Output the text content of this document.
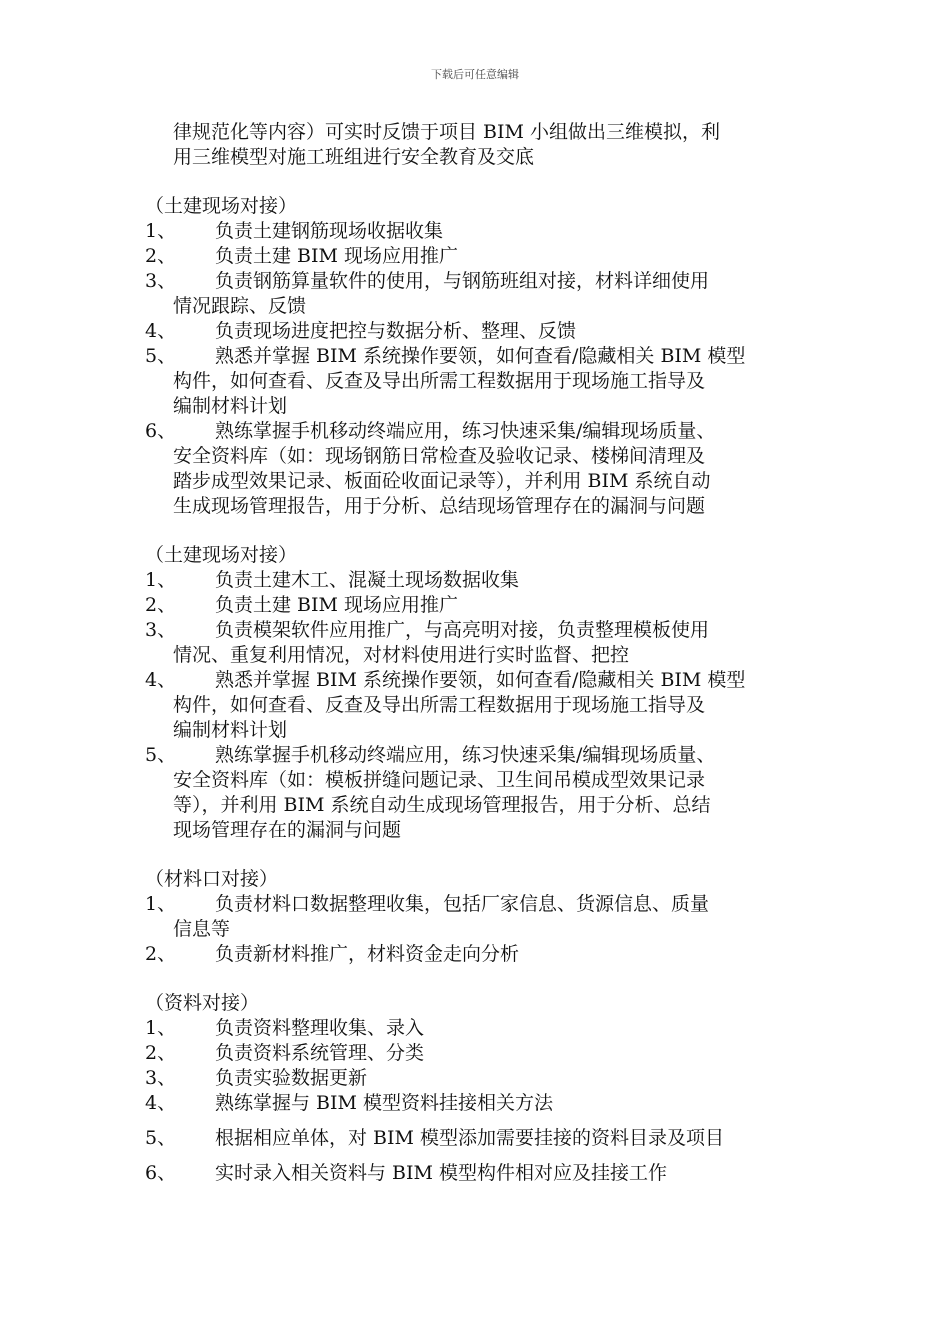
下载后可任意编辑
律规范化等内容）可实时反馈于项目 BIM 小组做出三维模拟，利
用三维模型对施工班组进行安全教育及交底
（土建现场对接）
1、	负责土建钢筋现场收据收集
2、	负责土建 BIM 现场应用推广
3、	负责钢筋算量软件的使用，与钢筋班组对接，材料详细使用
情况跟踪、反馈
4、	负责现场进度把控与数据分析、整理、反馈
5、	熟悉并掌握 BIM 系统操作要领，如何查看/隐藏相关 BIM 模型
构件，如何查看、反查及导出所需工程数据用于现场施工指导及
编制材料计划
6、	熟练掌握手机移动终端应用，练习快速采集/编辑现场质量、
安全资料库（如：现场钢筋日常检查及验收记录、楼梯间清理及
踏步成型效果记录、板面砼收面记录等），并利用 BIM 系统自动
生成现场管理报告，用于分析、总结现场管理存在的漏洞与问题
（土建现场对接）
1、	负责土建木工、混凝土现场数据收集
2、	负责土建 BIM 现场应用推广
3、	负责模架软件应用推广，与高亮明对接，负责整理模板使用
情况、重复利用情况，对材料使用进行实时监督、把控
4、	熟悉并掌握 BIM 系统操作要领，如何查看/隐藏相关 BIM 模型
构件，如何查看、反查及导出所需工程数据用于现场施工指导及
编制材料计划
5、	熟练掌握手机移动终端应用，练习快速采集/编辑现场质量、
安全资料库（如：模板拼缝问题记录、卫生间吊模成型效果记录
等），并利用 BIM 系统自动生成现场管理报告，用于分析、总结
现场管理存在的漏洞与问题
（材料口对接）
1、	负责材料口数据整理收集，包括厂家信息、货源信息、质量
信息等
2、	负责新材料推广，材料资金走向分析
（资料对接）
1、	负责资料整理收集、录入
2、	负责资料系统管理、分类
3、	负责实验数据更新
4、	熟练掌握与 BIM 模型资料挂接相关方法
5、	根据相应单体，对 BIM 模型添加需要挂接的资料目录及项目
6、	实时录入相关资料与 BIM 模型构件相对应及挂接工作
